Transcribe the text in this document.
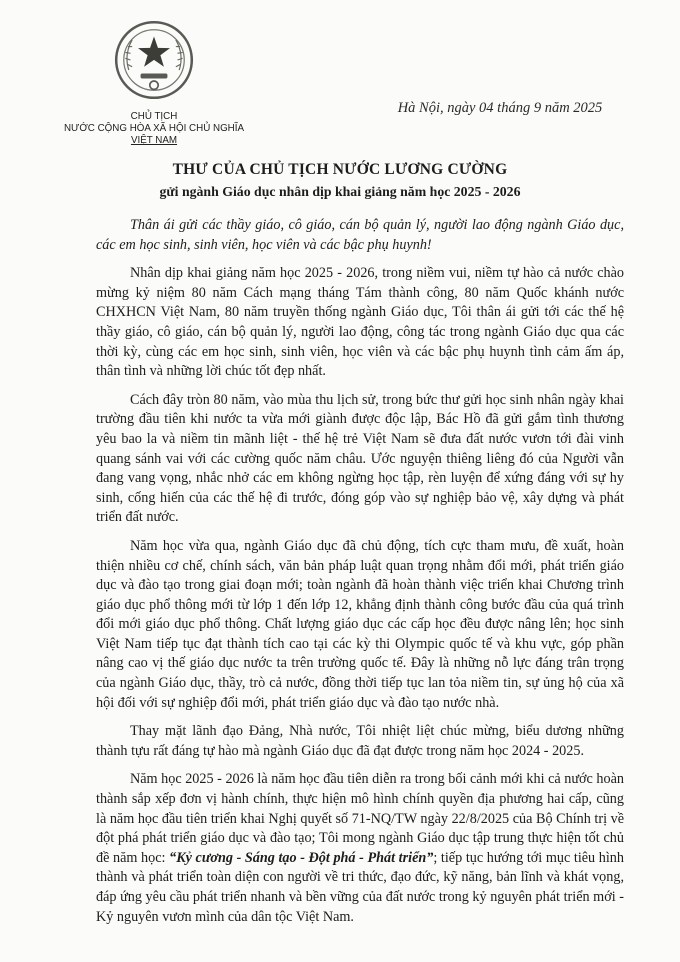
CHỦ TỊCH
NƯỚC CỘNG HÒA XÃ HỘI CHỦ NGHĨA
VIỆT NAM
Hà Nội, ngày 04 tháng 9 năm 2025
THƯ CỦA CHỦ TỊCH NƯỚC LƯƠNG CƯỜNG
gửi ngành Giáo dục nhân dịp khai giảng năm học 2025 - 2026

Thân ái gửi các thầy giáo, cô giáo, cán bộ quản lý, người lao động ngành Giáo dục, các em học sinh, sinh viên, học viên và các bậc phụ huynh!

Nhân dịp khai giảng năm học 2025 - 2026, trong niềm vui, niềm tự hào cả nước chào mừng kỷ niệm 80 năm Cách mạng tháng Tám thành công, 80 năm Quốc khánh nước CHXHCN Việt Nam, 80 năm truyền thống ngành Giáo dục, Tôi thân ái gửi tới các thế hệ thầy giáo, cô giáo, cán bộ quản lý, người lao động, công tác trong ngành Giáo dục qua các thời kỳ, cùng các em học sinh, sinh viên, học viên và các bậc phụ huynh tình cảm ấm áp, thân tình và những lời chúc tốt đẹp nhất.

Cách đây tròn 80 năm, vào mùa thu lịch sử, trong bức thư gửi học sinh nhân ngày khai trường đầu tiên khi nước ta vừa mới giành được độc lập, Bác Hồ đã gửi gắm tình thương yêu bao la và niềm tin mãnh liệt - thế hệ trẻ Việt Nam sẽ đưa đất nước vươn tới đài vinh quang sánh vai với các cường quốc năm châu. Ước nguyện thiêng liêng đó của Người vẫn đang vang vọng, nhắc nhở các em không ngừng học tập, rèn luyện để xứng đáng với sự hy sinh, cống hiến của các thế hệ đi trước, đóng góp vào sự nghiệp bảo vệ, xây dựng và phát triển đất nước.

Năm học vừa qua, ngành Giáo dục đã chủ động, tích cực tham mưu, đề xuất, hoàn thiện nhiều cơ chế, chính sách, văn bản pháp luật quan trọng nhằm đổi mới, phát triển giáo dục và đào tạo trong giai đoạn mới; toàn ngành đã hoàn thành việc triển khai Chương trình giáo dục phổ thông mới từ lớp 1 đến lớp 12, khẳng định thành công bước đầu của quá trình đổi mới giáo dục phổ thông. Chất lượng giáo dục các cấp học đều được nâng lên; học sinh Việt Nam tiếp tục đạt thành tích cao tại các kỳ thi Olympic quốc tế và khu vực, góp phần nâng cao vị thế giáo dục nước ta trên trường quốc tế. Đây là những nỗ lực đáng trân trọng của ngành Giáo dục, thầy, trò cả nước, đồng thời tiếp tục lan tỏa niềm tin, sự ủng hộ của xã hội đối với sự nghiệp đổi mới, phát triển giáo dục và đào tạo nước nhà.

Thay mặt lãnh đạo Đảng, Nhà nước, Tôi nhiệt liệt chúc mừng, biểu dương những thành tựu rất đáng tự hào mà ngành Giáo dục đã đạt được trong năm học 2024 - 2025.

Năm học 2025 - 2026 là năm học đầu tiên diễn ra trong bối cảnh mới khi cả nước hoàn thành sắp xếp đơn vị hành chính, thực hiện mô hình chính quyền địa phương hai cấp, cũng là năm học đầu tiên triển khai Nghị quyết số 71-NQ/TW ngày 22/8/2025 của Bộ Chính trị về đột phá phát triển giáo dục và đào tạo; Tôi mong ngành Giáo dục tập trung thực hiện tốt chủ đề năm học: “Kỷ cương - Sáng tạo - Đột phá - Phát triển”; tiếp tục hướng tới mục tiêu hình thành và phát triển toàn diện con người về tri thức, đạo đức, kỹ năng, bản lĩnh và khát vọng, đáp ứng yêu cầu phát triển nhanh và bền vững của đất nước trong kỷ nguyên phát triển mới - Kỷ nguyên vươn mình của dân tộc Việt Nam.
